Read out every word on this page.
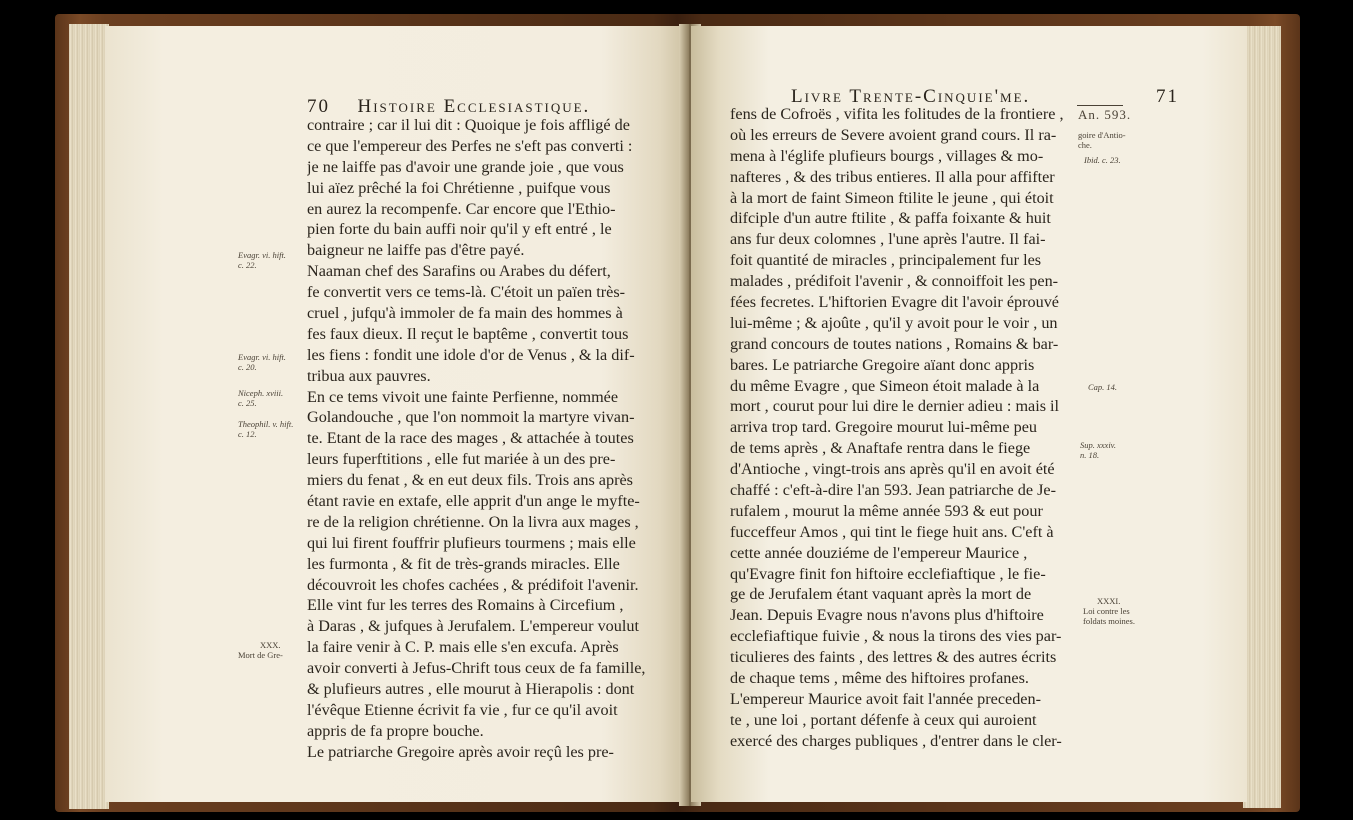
70 Histoire Ecclesiastique.
contraire ; car il lui dit : Quoique je fois affligé de
ce que l'empereur des Perfes ne s'eft pas converti :
je ne laiffe pas d'avoir une grande joie , que vous
lui aïez prêché la foi Chrétienne , puifque vous
en aurez la recompenfe. Car encore que l'Ethio-
pien forte du bain auffi noir qu'il y eft entré , le
baigneur ne laiffe pas d'être payé.
Naaman chef des Sarafins ou Arabes du défert,
fe convertit vers ce tems-là. C'étoit un païen très-
cruel , jufqu'à immoler de fa main des hommes à
fes faux dieux. Il reçut le baptême , convertit tous
les fiens : fondit une idole d'or de Venus , & la dif-
tribua aux pauvres.
En ce tems vivoit une fainte Perfienne, nommée
Golandouche , que l'on nommoit la martyre vivan-
te. Etant de la race des mages , & attachée à toutes
leurs fuperftitions , elle fut mariée à un des pre-
miers du fenat , & en eut deux fils. Trois ans après
étant ravie en extafe, elle apprit d'un ange le myfte-
re de la religion chrétienne. On la livra aux mages ,
qui lui firent fouffrir plufieurs tourmens ; mais elle
les furmonta , & fit de très-grands miracles. Elle
découvroit les chofes cachées , & prédifoit l'avenir.
Elle vint fur les terres des Romains à Circefium ,
à Daras , & jufques à Jerufalem. L'empereur voulut
la faire venir à C. P. mais elle s'en excufa. Après
avoir converti à Jefus-Chrift tous ceux de fa famille,
& plufieurs autres , elle mourut à Hierapolis : dont
l'évêque Etienne écrivit fa vie , fur ce qu'il avoit
appris de fa propre bouche.
Le patriarche Gregoire après avoir reçû les pre-
Evagr. vi. hift.
c. 22.
Evagr. vi. hift.
c. 20.
Niceph. xviii.
c. 25.
Theophil. v. hift.
c. 12.
XXX.
Mort de Gre-
Livre Trente-Cinquie'me.	71
An. 593.
fens de Cofroës , vifita les folitudes de la frontiere ,
où les erreurs de Severe avoient grand cours. Il ra-
mena à l'églife plufieurs bourgs , villages & mo-
nafteres , & des tribus entieres. Il alla pour affifter
à la mort de faint Simeon ftilite le jeune , qui étoit
difciple d'un autre ftilite , & paffa foixante & huit
ans fur deux colomnes , l'une après l'autre. Il fai-
foit quantité de miracles , principalement fur les
malades , prédifoit l'avenir , & connoiffoit les pen-
fées fecretes. L'hiftorien Evagre dit l'avoir éprouvé
lui-même ; & ajoûte , qu'il y avoit pour le voir , un
grand concours de toutes nations , Romains & bar-
bares. Le patriarche Gregoire aïant donc appris
du même Evagre , que Simeon étoit malade à la
mort , courut pour lui dire le dernier adieu : mais il
arriva trop tard. Gregoire mourut lui-même peu
de tems après , & Anaftafe rentra dans le fiege
d'Antioche , vingt-trois ans après qu'il en avoit été
chaffé : c'eft-à-dire l'an 593. Jean patriarche de Je-
rufalem , mourut la même année 593 & eut pour
fucceffeur Amos , qui tint le fiege huit ans. C'eft à
cette année douziéme de l'empereur Maurice ,
qu'Evagre finit fon hiftoire ecclefiaftique , le fie-
ge de Jerufalem étant vaquant après la mort de
Jean. Depuis Evagre nous n'avons plus d'hiftoire
ecclefiaftique fuivie , & nous la tirons des vies par-
ticulieres des faints , des lettres & des autres écrits
de chaque tems , même des hiftoires profanes.
L'empereur Maurice avoit fait l'année preceden-
te , une loi , portant défenfe à ceux qui auroient
exercé des charges publiques , d'entrer dans le cler-
goire d'Antio-
che.
Ibid. c. 23.
Cap. 14.
Sup. xxxiv.
n. 18.
XXXI.
Loi contre les
foldats moines.
